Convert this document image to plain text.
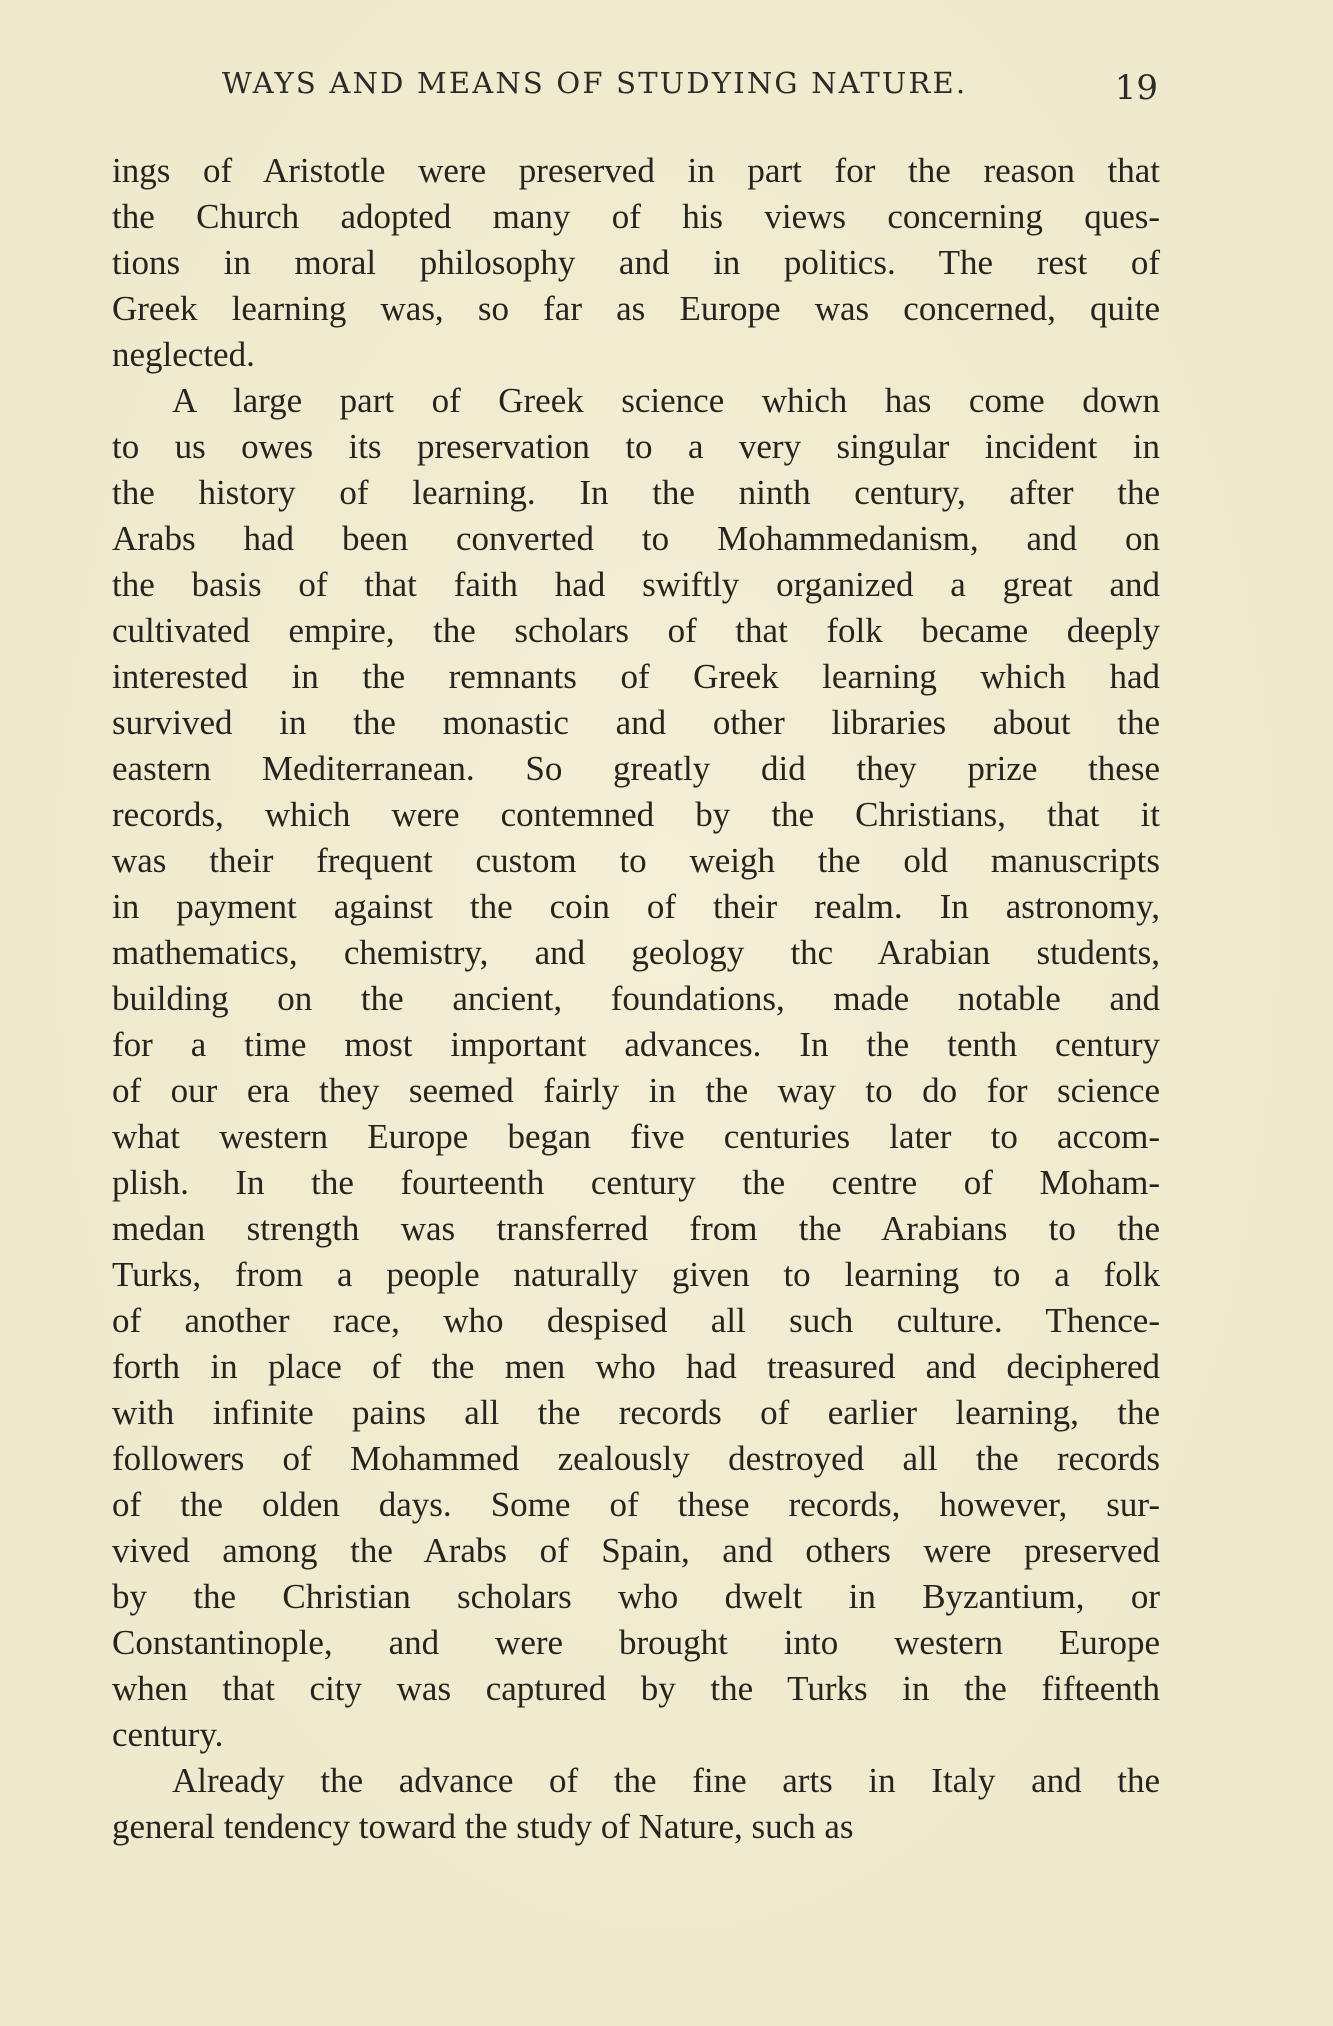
WAYS AND MEANS OF STUDYING NATURE.	19
ings of Aristotle were preserved in part for the reason that
the Church adopted many of his views concerning ques-
tions in moral philosophy and in politics. The rest of
Greek learning was, so far as Europe was concerned, quite
neglected.
A large part of Greek science which has come down
to us owes its preservation to a very singular incident in
the history of learning. In the ninth century, after the
Arabs had been converted to Mohammedanism, and on
the basis of that faith had swiftly organized a great and
cultivated empire, the scholars of that folk became deeply
interested in the remnants of Greek learning which had
survived in the monastic and other libraries about the
eastern Mediterranean. So greatly did they prize these
records, which were contemned by the Christians, that it
was their frequent custom to weigh the old manuscripts
in payment against the coin of their realm. In astronomy,
mathematics, chemistry, and geology thc Arabian students,
building on the ancient, foundations, made notable and
for a time most important advances. In the tenth century
of our era they seemed fairly in the way to do for science
what western Europe began five centuries later to accom-
plish. In the fourteenth century the centre of Moham-
medan strength was transferred from the Arabians to the
Turks, from a people naturally given to learning to a folk
of another race, who despised all such culture. Thence-
forth in place of the men who had treasured and deciphered
with infinite pains all the records of earlier learning, the
followers of Mohammed zealously destroyed all the records
of the olden days. Some of these records, however, sur-
vived among the Arabs of Spain, and others were preserved
by the Christian scholars who dwelt in Byzantium, or
Constantinople, and were brought into western Europe
when that city was captured by the Turks in the fifteenth
century.
Already the advance of the fine arts in Italy and the
general tendency toward the study of Nature, such as
